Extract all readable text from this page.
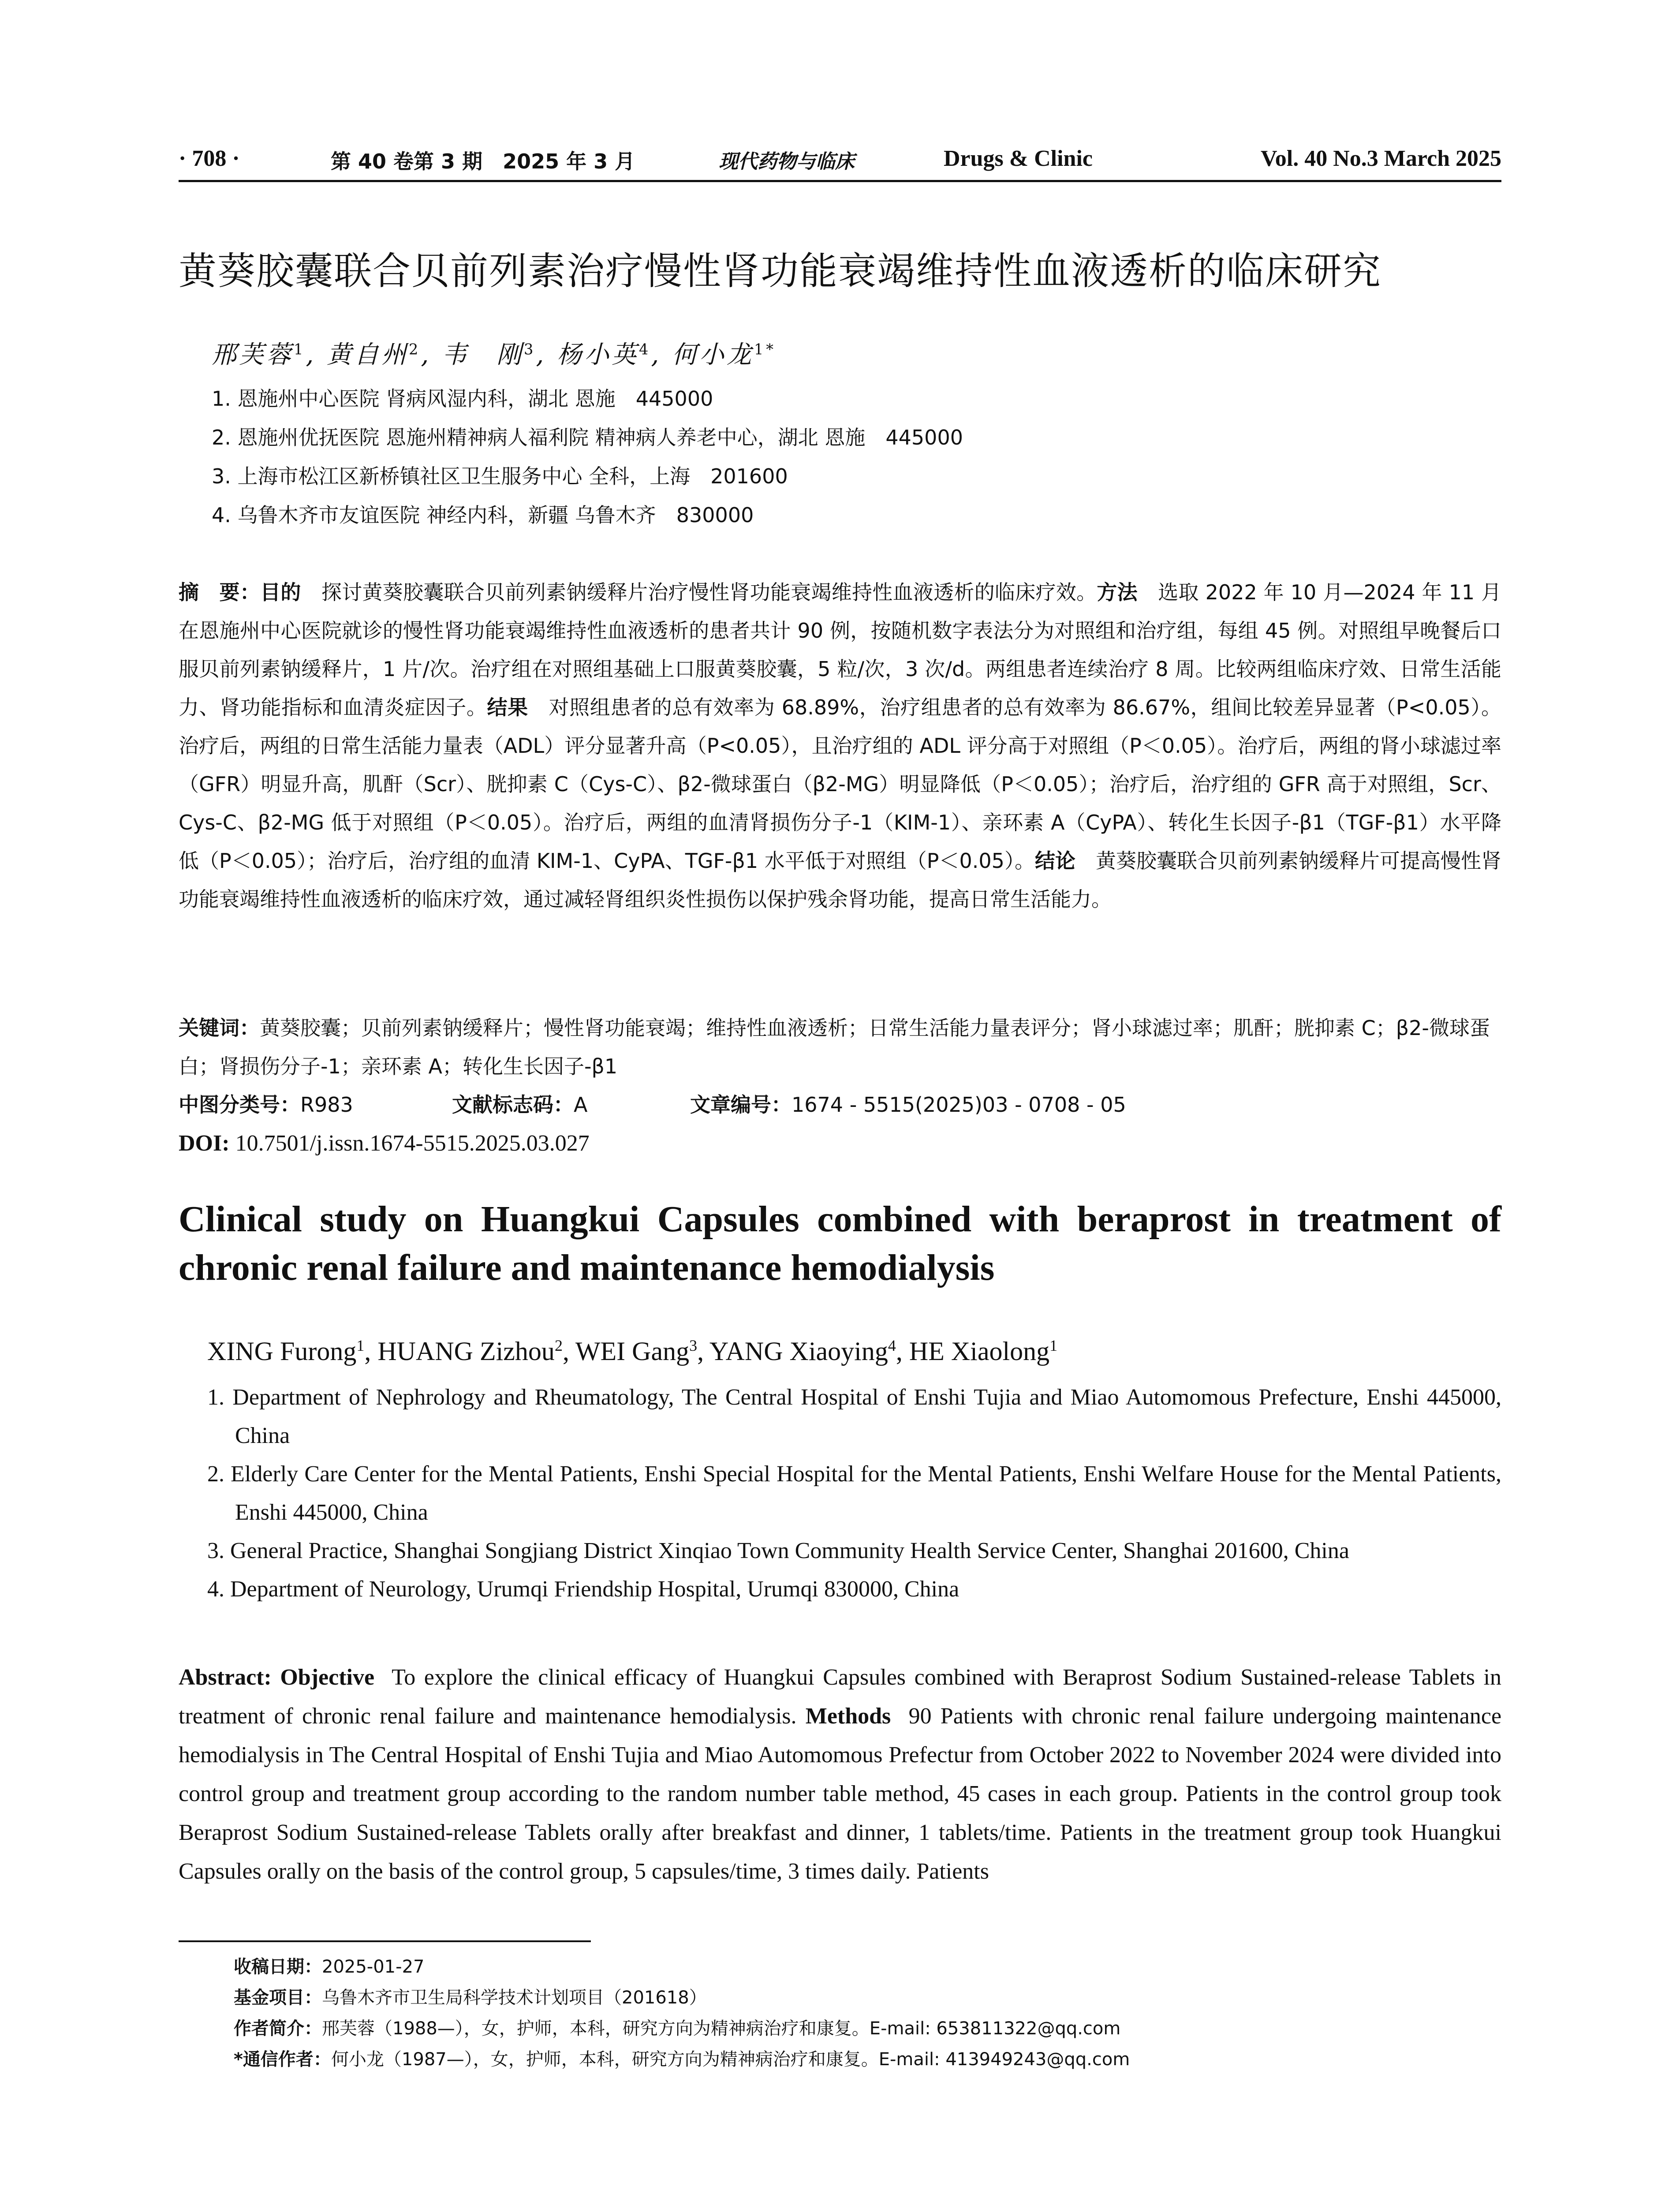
· 708 ·	第 40 卷第 3 期　2025 年 3 月	现代药物与临床	Drugs & Clinic	Vol. 40 No.3 March 2025
黄葵胶囊联合贝前列素治疗慢性肾功能衰竭维持性血液透析的临床研究
邢芙蓉$^1$, 黄自州$^2$, 韦　刚$^3$, 杨小英$^4$, 何小龙$^{1*}$
1. 恩施州中心医院 肾病风湿内科，湖北 恩施　445000
2. 恩施州优抚医院 恩施州精神病人福利院 精神病人养老中心，湖北 恩施　445000
3. 上海市松江区新桥镇社区卫生服务中心 全科，上海　201600
4. 乌鲁木齐市友谊医院 神经内科，新疆 乌鲁木齐　830000

摘　要：目的　 探讨黄葵胶囊联合贝前列素钠缓释片治疗慢性肾功能衰竭维持性血液透析的临床疗效。方法　 选取 2022 年 10 月—2024 年 11 月在恩施州中心医院就诊的慢性肾功能衰竭维持性血液透析的患者共计 90 例，按随机数字表法分为对照组和治疗组，每组 45 例。对照组早晚餐后口服贝前列素钠缓释片，1 片/次。治疗组在对照组基础上口服黄葵胶囊，5 粒/次，3 次/d。两组患者连续治疗 8 周。比较两组临床疗效、日常生活能力、肾功能指标和血清炎症因子。结果　 对照组患者的总有效率为 68.89%，治疗组患者的总有效率为 86.67%，组间比较差异显著（P<0.05）。治疗后，两组的日常生活能力量表（ADL）评分显著升高（P<0.05），且治疗组的 ADL 评分高于对照组（P＜0.05）。治疗后，两组的肾小球滤过率（GFR）明显升高，肌酐（Scr）、胱抑素 C（Cys-C）、β2-微球蛋白（β2-MG）明显降低（P＜0.05）；治疗后，治疗组的 GFR 高于对照组，Scr、Cys-C、β2-MG 低于对照组（P＜0.05）。治疗后，两组的血清肾损伤分子-1（KIM-1）、亲环素 A（CyPA）、转化生长因子-β1（TGF-β1）水平降低（P＜0.05）；治疗后，治疗组的血清 KIM-1、CyPA、TGF-β1 水平低于对照组（P＜0.05）。结论　 黄葵胶囊联合贝前列素钠缓释片可提高慢性肾功能衰竭维持性血液透析的临床疗效，通过减轻肾组织炎性损伤以保护残余肾功能，提高日常生活能力。

关键词：黄葵胶囊；贝前列素钠缓释片；慢性肾功能衰竭；维持性血液透析；日常生活能力量表评分；肾小球滤过率；肌酐；胱抑素 C；β2-微球蛋白；肾损伤分子-1；亲环素 A；转化生长因子-β1
中图分类号： R983	文献标志码： A	文章编号： 1674 - 5515(2025)03 - 0708 - 05
DOI: 10.7501/j.issn.1674-5515.2025.03.027
Clinical study on Huangkui Capsules combined with beraprost in treatment of chronic renal failure and maintenance hemodialysis
XING Furong$^1$, HUANG Zizhou$^2$, WEI Gang$^3$, YANG Xiaoying$^4$, HE Xiaolong$^1$
1. Department of Nephrology and Rheumatology, The Central Hospital of Enshi Tujia and Miao Automomous Prefecture, Enshi 445000, China
2. Elderly Care Center for the Mental Patients, Enshi Special Hospital for the Mental Patients, Enshi Welfare House for the Mental Patients, Enshi 445000, China
3. General Practice, Shanghai Songjiang District Xinqiao Town Community Health Service Center, Shanghai 201600, China
4. Department of Neurology, Urumqi Friendship Hospital, Urumqi 830000, China

Abstract: Objective To explore the clinical efficacy of Huangkui Capsules combined with Beraprost Sodium Sustained-release Tablets in treatment of chronic renal failure and maintenance hemodialysis. Methods 90 Patients with chronic renal failure undergoing maintenance hemodialysis in The Central Hospital of Enshi Tujia and Miao Automomous Prefectur from October 2022 to November 2024 were divided into control group and treatment group according to the random number table method, 45 cases in each group. Patients in the control group took Beraprost Sodium Sustained-release Tablets orally after breakfast and dinner, 1 tablets/time. Patients in the treatment group took Huangkui Capsules orally on the basis of the control group, 5 capsules/time, 3 times daily. Patients

收稿日期：2025-01-27
基金项目：乌鲁木齐市卫生局科学技术计划项目（201618）
作者简介：邢芙蓉（1988—），女，护师，本科，研究方向为精神病治疗和康复。E-mail: 653811322@qq.com
*通信作者：何小龙（1987—），女，护师，本科，研究方向为精神病治疗和康复。E-mail: 413949243@qq.com
